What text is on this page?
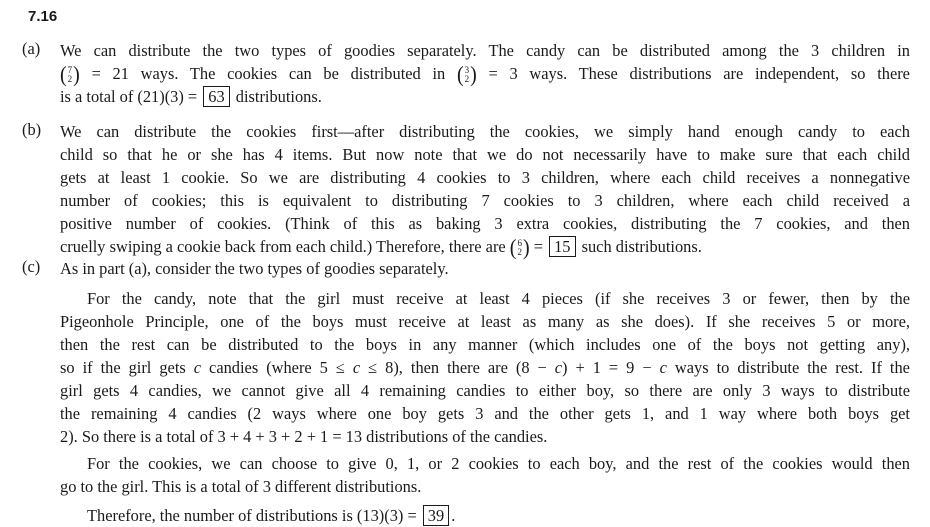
7.16
(a)	We can distribute the two types of goodies separately. The candy can be distributed among the 3 children in
( 7
2 ) = 21 ways. The cookies can be distributed in ( 3
2 ) = 3 ways. These distributions are independent, so there
is a total of (21)(3) = 63 distributions.
(b)	We can distribute the cookies first—after distributing the cookies, we simply hand enough candy to each
child so that he or she has 4 items. But now note that we do not necessarily have to make sure that each child
gets at least 1 cookie. So we are distributing 4 cookies to 3 children, where each child receives a nonnegative
number of cookies; this is equivalent to distributing 7 cookies to 3 children, where each child received a
positive number of cookies. (Think of this as baking 3 extra cookies, distributing the 7 cookies, and then
cruelly swiping a cookie back from each child.) Therefore, there are ( 6
2 ) = 15 such distributions.
(c)	As in part (a), consider the two types of goodies separately.
For the candy, note that the girl must receive at least 4 pieces (if she receives 3 or fewer, then by the
Pigeonhole Principle, one of the boys must receive at least as many as she does). If she receives 5 or more,
then the rest can be distributed to the boys in any manner (which includes one of the boys not getting any),
so if the girl gets c candies (where 5 ≤ c ≤ 8), then there are (8 − c) + 1 = 9 − c ways to distribute the rest. If the
girl gets 4 candies, we cannot give all 4 remaining candies to either boy, so there are only 3 ways to distribute
the remaining 4 candies (2 ways where one boy gets 3 and the other gets 1, and 1 way where both boys get
2). So there is a total of 3 + 4 + 3 + 2 + 1 = 13 distributions of the candies.
For the cookies, we can choose to give 0, 1, or 2 cookies to each boy, and the rest of the cookies would then
go to the girl. This is a total of 3 different distributions.
Therefore, the number of distributions is (13)(3) = 39 .
